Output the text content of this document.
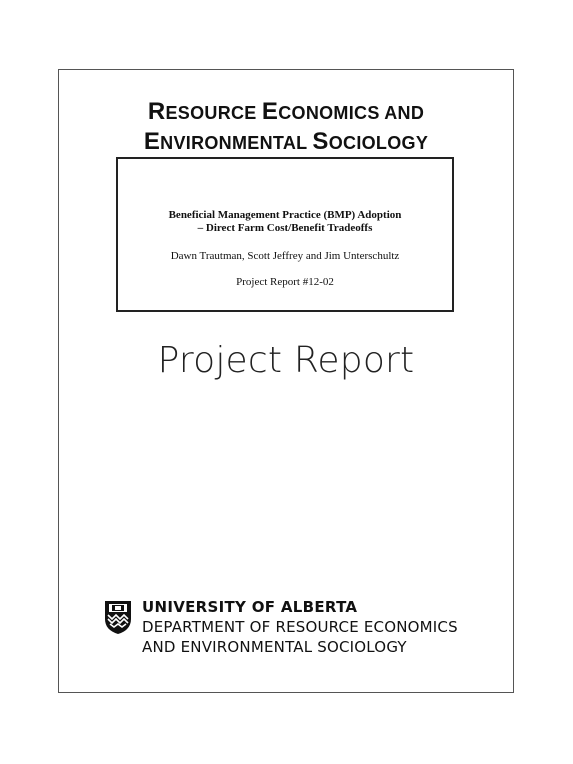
RESOURCE ECONOMICS AND
ENVIRONMENTAL SOCIOLOGY
Beneficial Management Practice (BMP) Adoption
– Direct Farm Cost/Benefit Tradeoffs
Dawn Trautman, Scott Jeffrey and Jim Unterschultz
Project Report #12-02
Project Report
UNIVERSITY OF ALBERTA
DEPARTMENT OF RESOURCE ECONOMICS
AND ENVIRONMENTAL SOCIOLOGY
